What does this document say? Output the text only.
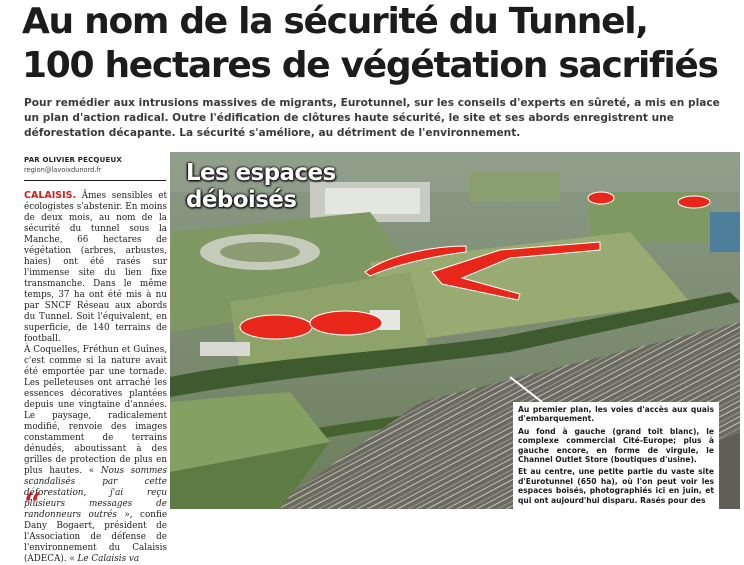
Au nom de la sécurité du Tunnel,
100 hectares de végétation sacrifiés

Pour remédier aux intrusions massives de migrants, Eurotunnel, sur les conseils d'experts en sûreté, a mis en place un plan d'action radical. Outre l'édification de clôtures haute sécurité, le site et ses abords enregistrent une déforestation décapante. La sécurité s'améliore, au détriment de l'environnement.

PAR OLIVIER PECQUEUX
region@lavoixdunord.fr

CALAISIS. Âmes sensibles et écologistes s'abstenir. En moins de deux mois, au nom de la sécurité du tunnel sous la Manche, 66 hectares de végétation (arbres, arbustes, haies) ont été rasés sur l'immense site du lien fixe transmanche. Dans le même temps, 37 ha ont été mis à nu par SNCF Réseau aux abords du Tunnel. Soit l'équivalent, en superficie, de 140 terrains de football.
À Coquelles, Fréthun et Guînes, c'est comme si la nature avait été emportée par une tornade. Les pelleteuses ont arraché les essences décoratives plantées depuis une vingtaine d'années. Le paysage, radicalement modifié, renvoie des images constamment de terrains dénudés, aboutissant à des grilles de protection de plus en plus hautes. « Nous sommes scandalisés par cette déforestation, j'ai reçu plusieurs messages de randonneurs outrés », confie Dany Bogaert, président de l'Association de défense de l'environnement du Calaisis (ADECA). « Le Calaisis va

“
Les espaces
déboisés

Au premier plan, les voies d'accès aux quais d'embarquement.

Au fond à gauche (grand toit blanc), le complexe commercial Cité-Europe; plus à gauche encore, en forme de virgule, le Channel Outlet Store (boutiques d'usine).

Et au centre, une petite partie du vaste site d'Eurotunnel (650 ha), où l'on peut voir les espaces boisés, photographiés ici en juin, et qui ont aujourd'hui disparu. Rasés pour des
